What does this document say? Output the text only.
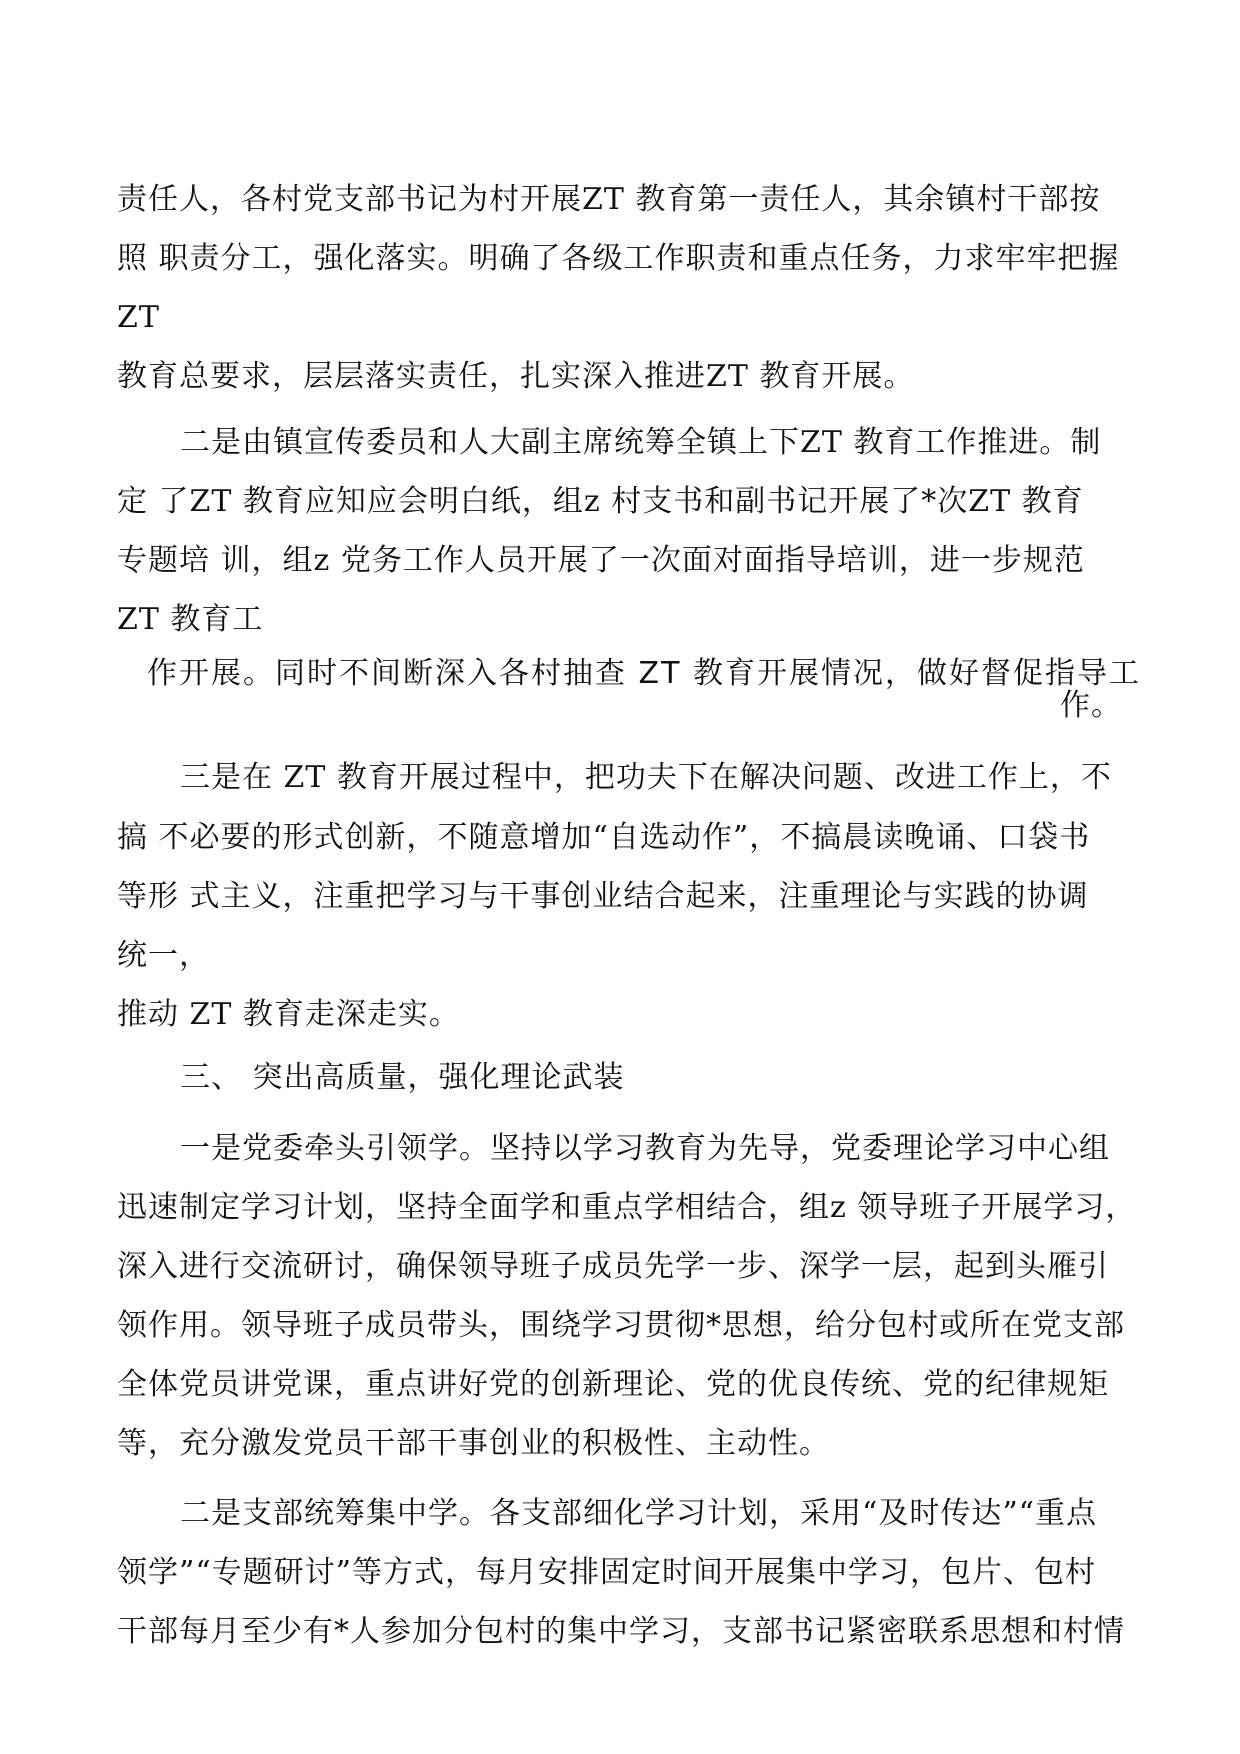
责任人，各村党支部书记为村开展ZT 教育第一责任人，其余镇村干部按

照 职责分工，强化落实。明确了各级工作职责和重点任务，力求牢牢把握

ZT

教育总要求，层层落实责任，扎实深入推进ZT 教育开展。

二是由镇宣传委员和人大副主席统筹全镇上下ZT 教育工作推进。制

定 了ZT 教育应知应会明白纸，组z 村支书和副书记开展了*次ZT 教育

专题培 训，组z 党务工作人员开展了一次面对面指导培训，进一步规范

ZT 教育工

作开展。同时不间断深入各村抽查 ZT 教育开展情况，做好督促指导工

作。

三是在 ZT 教育开展过程中，把功夫下在解决问题、改进工作上，不

搞 不必要的形式创新，不随意增加“自选动作”，不搞晨读晚诵、口袋书

等形 式主义，注重把学习与干事创业结合起来，注重理论与实践的协调

统一，

推动 ZT 教育走深走实。

三、 突出高质量，强化理论武装

一是党委牵头引领学。坚持以学习教育为先导，党委理论学习中心组

迅速制定学习计划，坚持全面学和重点学相结合，组z 领导班子开展学习，

深入进行交流研讨，确保领导班子成员先学一步、深学一层，起到头雁引

领作用。领导班子成员带头，围绕学习贯彻*思想，给分包村或所在党支部

全体党员讲党课，重点讲好党的创新理论、党的优良传统、党的纪律规矩

等，充分激发党员干部干事创业的积极性、主动性。

二是支部统筹集中学。各支部细化学习计划，采用“及时传达”“重点

领学”“专题研讨”等方式，每月安排固定时间开展集中学习，包片、包村

干部每月至少有*人参加分包村的集中学习，支部书记紧密联系思想和村情
